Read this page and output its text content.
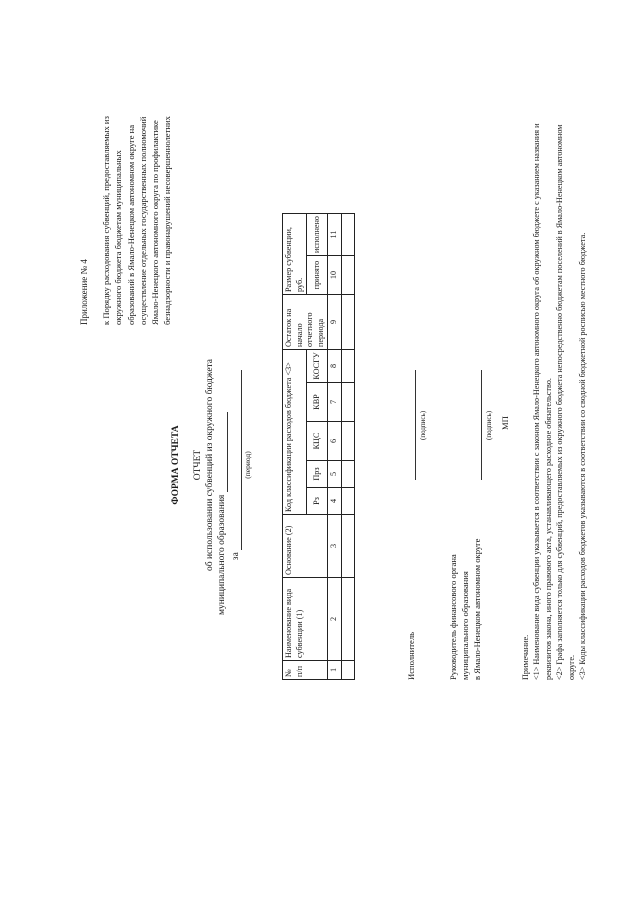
Приложение № 4 к Порядку расходования субвенций, предоставляемых из окружного бюджета бюджетам муниципальных образований в Ямало-Ненецком автономном округе на осуществление отдельных государственных полномочий Ямало-Ненецкого автономного округа по профилактике безнадзорности и правонарушений несовершеннолетних
ФОРМА ОТЧЕТА ОТЧЕТ об использовании субвенций из окружного бюджета муниципального образования за
(период)
№ п/п	Наименование вида субвенции (1)	Основание (2)	Код классификации расходов бюджета <3>					Остаток на начало отчетного периода	Размер субвенции, руб.	
			Рз	Прз	КЦС	КВР	КОСГУ		принято	исполнено
1	2	3	4	5	6	7	8	9	10	11

Исполнитель
(подпись)
Руководитель финансового органа муниципального образования в Ямало-Ненецком автономном округе
(подпись) МП
Примечание. <1> Наименование вида субвенции указывается в соответствии с законом Ямало-Ненецкого автономного округа об окружном бюджете с указанием названия и реквизитов закона, иного правового акта, устанавливающего расходное обязательство. <2> Графа заполняется только для субвенций, предоставляемых из окружного бюджета непосредственно бюджетам поселений в Ямало-Ненецком автономном округе. <3> Коды классификации расходов бюджетов указываются в соответствии со сводной бюджетной росписью местного бюджета.
